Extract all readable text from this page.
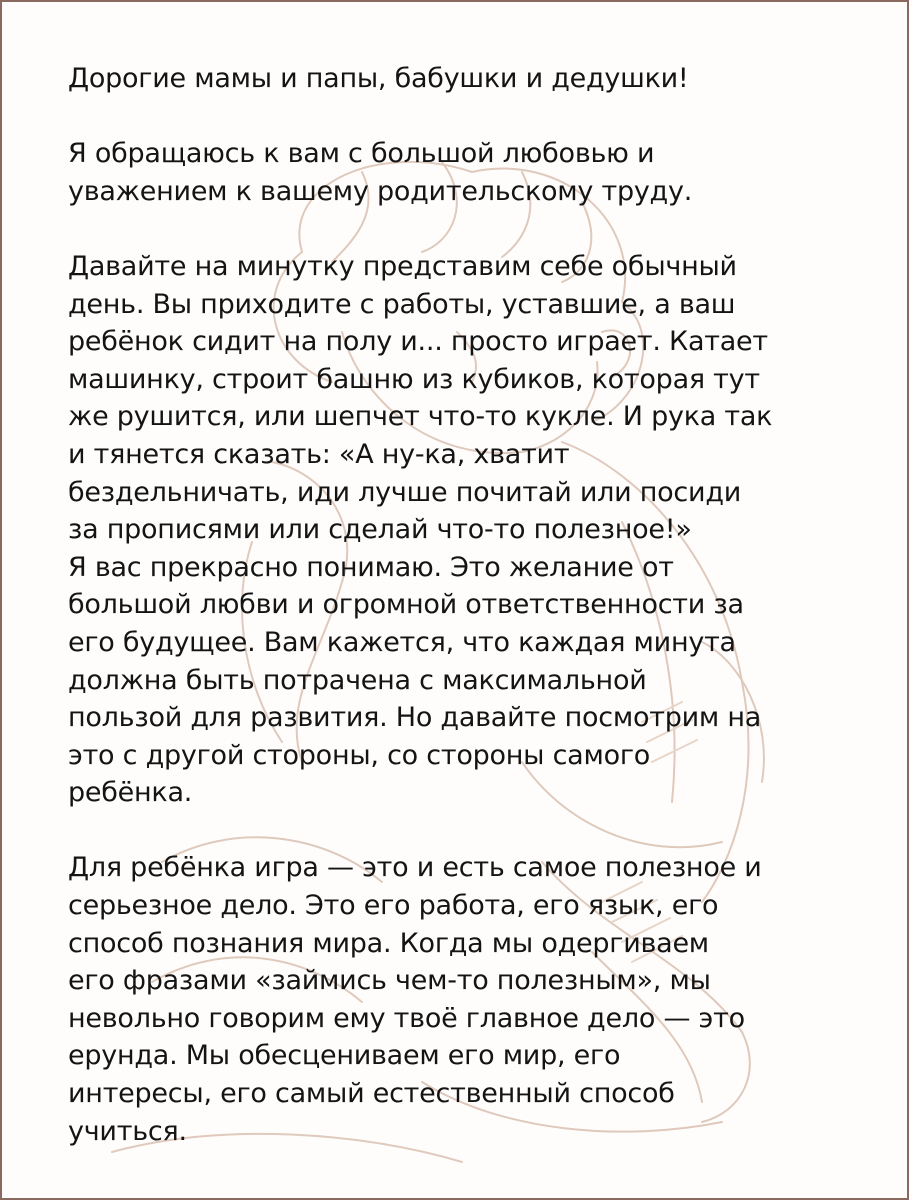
Дорогие мамы и папы, бабушки и дедушки!

Я обращаюсь к вам с большой любовью и

уважением к вашему родительскому труду.

Давайте на минутку представим себе обычный

день. Вы приходите с работы, уставшие, а ваш

ребёнок сидит на полу и... просто играет. Катает

машинку, строит башню из кубиков, которая тут

же рушится, или шепчет что-то кукле. И рука так

и тянется сказать: «А ну-ка, хватит

бездельничать, иди лучше почитай или посиди

за прописями или сделай что-то полезное!»

Я вас прекрасно понимаю. Это желание от

большой любви и огромной ответственности за

его будущее. Вам кажется, что каждая минута

должна быть потрачена с максимальной

пользой для развития. Но давайте посмотрим на

это с другой стороны, со стороны самого

ребёнка.

Для ребёнка игра — это и есть самое полезное и

серьезное дело. Это его работа, его язык, его

способ познания мира. Когда мы одергиваем

его фразами «займись чем-то полезным», мы

невольно говорим ему твоё главное дело — это

ерунда. Мы обесцениваем его мир, его

интересы, его самый естественный способ

учиться.
